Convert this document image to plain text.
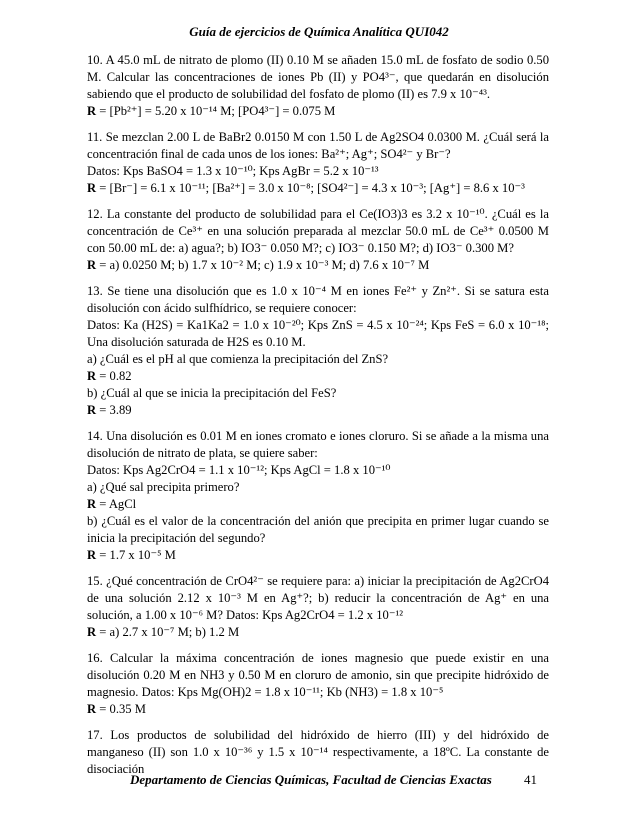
Guía de ejercicios de Química Analítica QUI042

10. A 45.0 mL de nitrato de plomo (II) 0.10 M se añaden 15.0 mL de fosfato de sodio 0.50 M. Calcular las concentraciones de iones Pb (II) y PO4³⁻, que quedarán en disolución sabiendo que el producto de solubilidad del fosfato de plomo (II) es 7.9 x 10⁻⁴³.

R = [Pb²⁺] = 5.20 x 10⁻¹⁴ M; [PO4³⁻] = 0.075 M

11. Se mezclan 2.00 L de BaBr2 0.0150 M con 1.50 L de Ag2SO4 0.0300 M. ¿Cuál será la concentración final de cada unos de los iones: Ba²⁺; Ag⁺; SO4²⁻ y Br⁻?

Datos: Kps BaSO4 = 1.3 x 10⁻¹⁰; Kps AgBr = 5.2 x 10⁻¹³

R = [Br⁻] = 6.1 x 10⁻¹¹; [Ba²⁺] = 3.0 x 10⁻⁸; [SO4²⁻] = 4.3 x 10⁻³; [Ag⁺] = 8.6 x 10⁻³

12. La constante del producto de solubilidad para el Ce(IO3)3 es 3.2 x 10⁻¹⁰. ¿Cuál es la concentración de Ce³⁺ en una solución preparada al mezclar 50.0 mL de Ce³⁺ 0.0500 M con 50.00 mL de: a) agua?; b) IO3⁻ 0.050 M?; c) IO3⁻ 0.150 M?; d) IO3⁻ 0.300 M?

R = a) 0.0250 M; b) 1.7 x 10⁻² M; c) 1.9 x 10⁻³ M; d) 7.6 x 10⁻⁷ M

13. Se tiene una disolución que es 1.0 x 10⁻⁴ M en iones Fe²⁺ y Zn²⁺. Si se satura esta disolución con ácido sulfhídrico, se requiere conocer:

Datos: Ka (H2S) = Ka1Ka2 = 1.0 x 10⁻²⁰; Kps ZnS = 4.5 x 10⁻²⁴; Kps FeS = 6.0 x 10⁻¹⁸; Una disolución saturada de H2S es 0.10 M.

a) ¿Cuál es el pH al que comienza la precipitación del ZnS?

R = 0.82

b) ¿Cuál al que se inicia la precipitación del FeS?

R = 3.89

14. Una disolución es 0.01 M en iones cromato e iones cloruro. Si se añade a la misma una disolución de nitrato de plata, se quiere saber:

Datos: Kps Ag2CrO4 = 1.1 x 10⁻¹²; Kps AgCl = 1.8 x 10⁻¹⁰

a) ¿Qué sal precipita primero?

R = AgCl

b) ¿Cuál es el valor de la concentración del anión que precipita en primer lugar cuando se inicia la precipitación del segundo?

R = 1.7 x 10⁻⁵ M

15. ¿Qué concentración de CrO4²⁻ se requiere para: a) iniciar la precipitación de Ag2CrO4 de una solución 2.12 x 10⁻³ M en Ag⁺?; b) reducir la concentración de Ag⁺ en una solución, a 1.00 x 10⁻⁶ M? Datos: Kps Ag2CrO4 = 1.2 x 10⁻¹²

R = a) 2.7 x 10⁻⁷ M; b) 1.2 M

16. Calcular la máxima concentración de iones magnesio que puede existir en una disolución 0.20 M en NH3 y 0.50 M en cloruro de amonio, sin que precipite hidróxido de magnesio. Datos: Kps Mg(OH)2 = 1.8 x 10⁻¹¹; Kb (NH3) = 1.8 x 10⁻⁵

R = 0.35 M

17. Los productos de solubilidad del hidróxido de hierro (III) y del hidróxido de manganeso (II) son 1.0 x 10⁻³⁶ y 1.5 x 10⁻¹⁴ respectivamente, a 18ºC. La constante de disociación

Departamento de Ciencias Químicas, Facultad de Ciencias Exactas 41
